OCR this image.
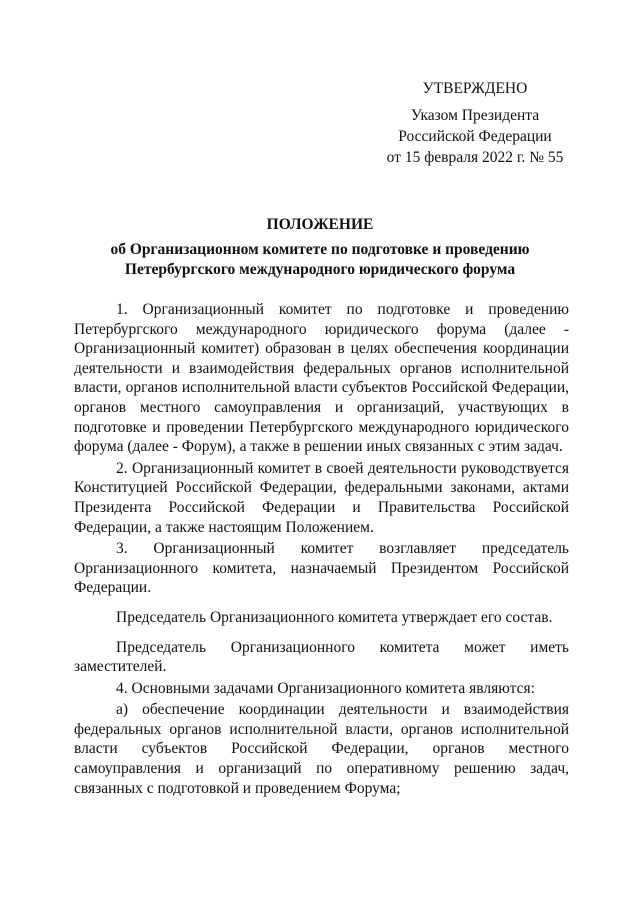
УТВЕРЖДЕНО
Указом Президента
Российской Федерации
от 15 февраля 2022 г. № 55
ПОЛОЖЕНИЕ
об Организационном комитете по подготовке и проведению
Петербургского международного юридического форума

1. Организационный комитет по подготовке и проведению Петербургского международного юридического форума (далее - Организационный комитет) образован в целях обеспечения координации деятельности и взаимодействия федеральных органов исполнительной власти, органов исполнительной власти субъектов Российской Федерации, органов местного самоуправления и организаций, участвующих в подготовке и проведении Петербургского международного юридического форума (далее - Форум), а также в решении иных связанных с этим задач.

2. Организационный комитет в своей деятельности руководствуется Конституцией Российской Федерации, федеральными законами, актами Президента Российской Федерации и Правительства Российской Федерации, а также настоящим Положением.

3. Организационный комитет возглавляет председатель Организационного комитета, назначаемый Президентом Российской Федерации.

Председатель Организационного комитета утверждает его состав.

Председатель Организационного комитета может иметь заместителей.

4. Основными задачами Организационного комитета являются:

а) обеспечение координации деятельности и взаимодействия федеральных органов исполнительной власти, органов исполнительной власти субъектов Российской Федерации, органов местного самоуправления и организаций по оперативному решению задач, связанных с подготовкой и проведением Форума;
